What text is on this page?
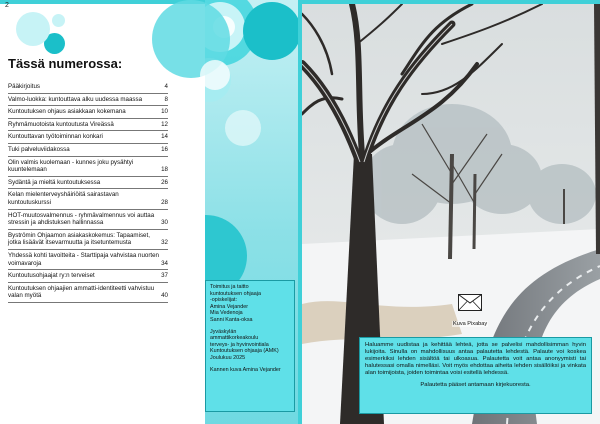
2
Tässä numerossa:
Pääkirjoitus	4
Valmo-luokka: kuntouttava alku uudessa maassa	8
Kuntoutuksen ohjaus asiakkaan kokemana	10
Ryhmämuotoista kuntoutusta Vireässä	12
Kuntouttavan työtoiminnan konkari	14
Tuki palveluviidakossa	16
Olin valmis kuolemaan - kunnes joku pysähtyi kuuntelemaan	18
Sydäntä ja mieltä kuntoutuksessa	26
Kelan mielenterveyshäiriöitä sairastavan kuntoutuskurssi	28
HOT-muutosvalmennus - ryhmävalmennus voi auttaa stressin ja ahdistuksen hallinnassa	30
Byströmin Ohjaamon asiakaskokemus: Tapaamiset, jotka lisäävät itsevarmuutta ja itsetuntemusta	32
Yhdessä kohti tavoitteita - Starttipaja vahvistaa nuorten voimavaroja	34
Kuntoutusohjaajat ry:n terveiset	37
Kuntoutuksen ohjaajien ammatti-identiteetti vahvistuu valan myötä	40

Toimitus ja taitto

kuntoutuksen ohjaaja

-opiskelijat:

Amina Vejander

Mia Vedenoja

Sanni Kanta-oksa

Jyväskylän

ammattikorkeakoulu

terveys- ja hyvinvointiala

Kuntoutuksen ohjaaja (AMK)

Joulukuu 2025

Kannen kuva Amina Vejander

Kuva Pixabay

Haluamme uudistaa ja kehittää lehteä, jotta se palvelisi mahdollisimman hyvin lukijoita. Sinulla on mahdollisuus antaa palautetta lehdestä. Palaute voi koskea esimerkiksi lehden sisältöä tai ulkoasua. Palautetta voit antaa anonyymisti tai halutessasi omalla nimelläsi. Voit myös ehdottaa aiheita lehden sisällöiksi ja vinkata alan toimijoista, joiden toimintaa voisi esitellä lehdessä.

Palautetta pääset antamaan kirjekuoresta.
